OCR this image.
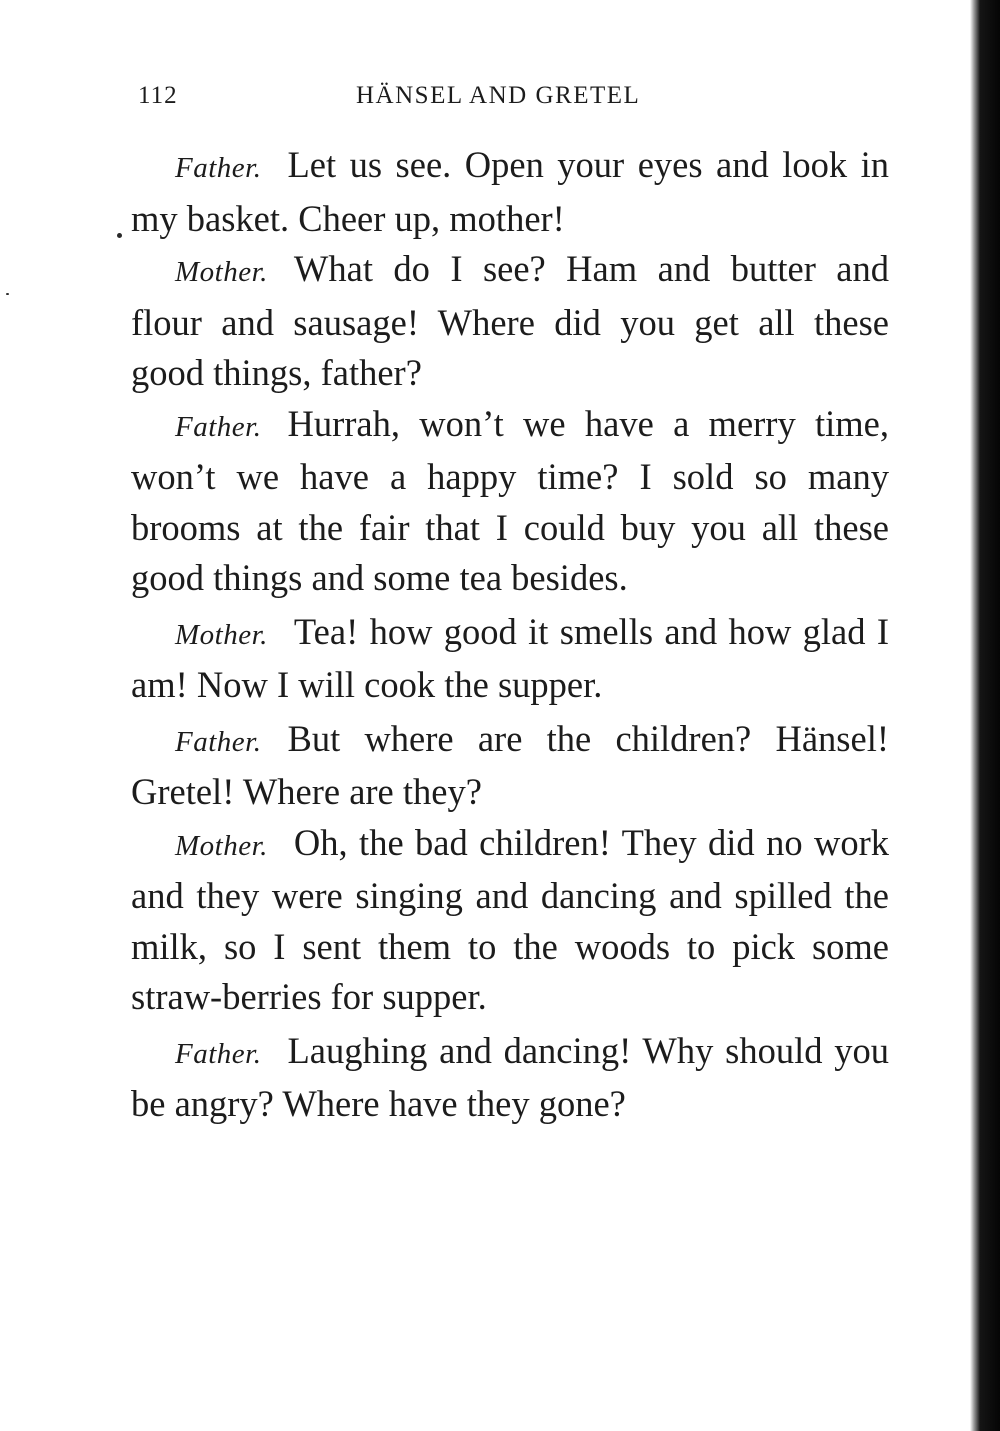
112	HÄNSEL AND GRETEL

Father. Let us see. Open your eyes and look in my basket. Cheer up, mother!

Mother. What do I see? Ham and butter and flour and sausage! Where did you get all these good things, father?

Father. Hurrah, won’t we have a merry time, won’t we have a happy time? I sold so many brooms at the fair that I could buy you all these good things and some tea besides.

Mother. Tea! how good it smells and how glad I am! Now I will cook the supper.

Father. But where are the children? Hänsel! Gretel! Where are they?

Mother. Oh, the bad children! They did no work and they were singing and dancing and spilled the milk, so I sent them to the woods to pick some straw-berries for supper.

Father. Laughing and dancing! Why should you be angry? Where have they gone?
